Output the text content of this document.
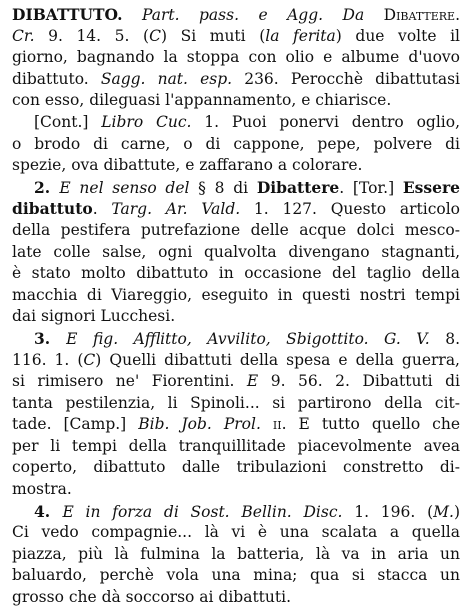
DIBATTUTO. Part. pass. e Agg. Da Dibattere.
Cr. 9. 14. 5. (C) Si muti (la ferita) due volte il
giorno, bagnando la stoppa con olio e albume d'uovo
dibattuto. Sagg. nat. esp. 236. Perocchè dibattutasi
con esso, dileguasi l'appannamento, e chiarisce.
[Cont.] Libro Cuc. 1. Puoi ponervi dentro oglio,
o brodo di carne, o di cappone, pepe, polvere di
spezie, ova dibattute, e zaffarano a colorare.
2. E nel senso del § 8 di Dibattere. [Tor.] Essere
dibattuto. Targ. Ar. Vald. 1. 127. Questo articolo
della pestifera putrefazione delle acque dolci mesco-
late colle salse, ogni qualvolta divengano stagnanti,
è stato molto dibattuto in occasione del taglio della
macchia di Viareggio, eseguito in questi nostri tempi
dai signori Lucchesi.
3. E fig. Afflitto, Avvilito, Sbigottito. G. V. 8.
116. 1. (C) Quelli dibattuti della spesa e della guerra,
si rimisero ne' Fiorentini. E 9. 56. 2. Dibattuti di
tanta pestilenzia, li Spinoli... si partirono della cit-
tade. [Camp.] Bib. Job. Prol. ii. E tutto quello che
per li tempi della tranquillitade piacevolmente avea
coperto, dibattuto dalle tribulazioni constretto di-
mostra.
4. E in forza di Sost. Bellin. Disc. 1. 196. (M.)
Ci vedo compagnie... là vi è una scalata a quella
piazza, più là fulmina la batteria, là va in aria un
baluardo, perchè vola una mina; qua si stacca un
grosso che dà soccorso ai dibattuti.
